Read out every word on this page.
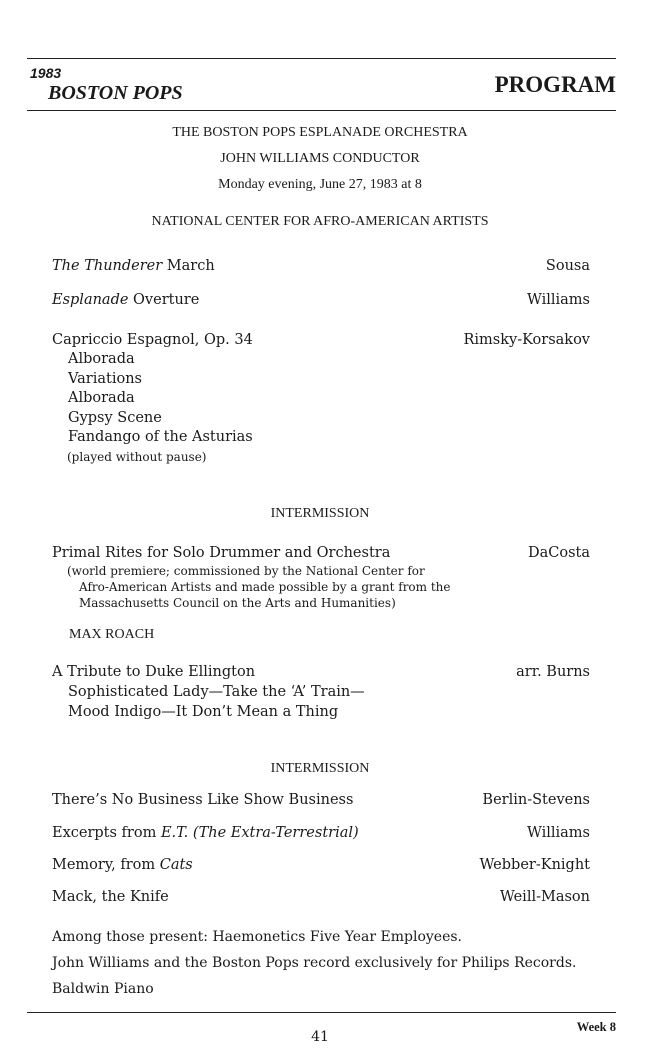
1983
BOSTON POPS	PROGRAM
THE BOSTON POPS ESPLANADE ORCHESTRA
JOHN WILLIAMS CONDUCTOR
Monday evening, June 27, 1983 at 8
NATIONAL CENTER FOR AFRO-AMERICAN ARTISTS
The Thunderer March	Sousa
Esplanade Overture	Williams
Capriccio Espagnol, Op. 34	Rimsky-Korsakov
Alborada
Variations
Alborada
Gypsy Scene
Fandango of the Asturias
(played without pause)
INTERMISSION
Primal Rites for Solo Drummer and Orchestra	DaCosta
(world premiere; commissioned by the National Center for
Afro-American Artists and made possible by a grant from the
Massachusetts Council on the Arts and Humanities)
MAX ROACH
A Tribute to Duke Ellington	arr. Burns
Sophisticated Lady—Take the ‘A’ Train—
Mood Indigo—It Don’t Mean a Thing
INTERMISSION
There’s No Business Like Show Business	Berlin-Stevens
Excerpts from E.T. (The Extra-Terrestrial)	Williams
Memory, from Cats	Webber-Knight
Mack, the Knife	Weill-Mason
Among those present: Haemonetics Five Year Employees.
John Williams and the Boston Pops record exclusively for Philips Records.
Baldwin Piano
41
Week 8
